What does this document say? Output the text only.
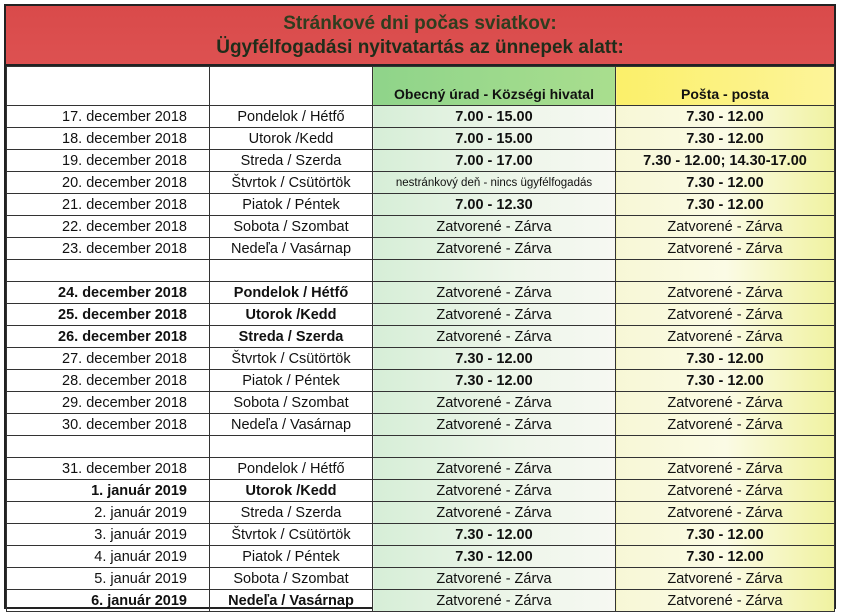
Stránkové dni počas sviatkov:
Ügyfélfogadási nyitvatartás az ünnepek alatt:
		Obecný úrad - Községi hivatal	Pošta - posta
17. december 2018	Pondelok / Hétfő	7.00 - 15.00	7.30 - 12.00
18. december 2018	Utorok /Kedd	7.00 - 15.00	7.30 - 12.00
19. december 2018	Streda / Szerda	7.00 - 17.00	7.30 - 12.00; 14.30-17.00
20. december 2018	Štvrtok / Csütörtök	nestránkový deň - nincs ügyfélfogadás	7.30 - 12.00
21. december 2018	Piatok / Péntek	7.00 - 12.30	7.30 - 12.00
22. december 2018	Sobota / Szombat	Zatvorené - Zárva	Zatvorené - Zárva
23. december 2018	Nedeľa / Vasárnap	Zatvorené - Zárva	Zatvorené - Zárva

24. december 2018	Pondelok / Hétfő	Zatvorené - Zárva	Zatvorené - Zárva
25. december 2018	Utorok /Kedd	Zatvorené - Zárva	Zatvorené - Zárva
26. december 2018	Streda / Szerda	Zatvorené - Zárva	Zatvorené - Zárva
27. december 2018	Štvrtok / Csütörtök	7.30 - 12.00	7.30 - 12.00
28. december 2018	Piatok / Péntek	7.30 - 12.00	7.30 - 12.00
29. december 2018	Sobota / Szombat	Zatvorené - Zárva	Zatvorené - Zárva
30. december 2018	Nedeľa / Vasárnap	Zatvorené - Zárva	Zatvorené - Zárva

31. december 2018	Pondelok / Hétfő	Zatvorené - Zárva	Zatvorené - Zárva
1. január 2019	Utorok /Kedd	Zatvorené - Zárva	Zatvorené - Zárva
2. január 2019	Streda / Szerda	Zatvorené - Zárva	Zatvorené - Zárva
3. január 2019	Štvrtok / Csütörtök	7.30 - 12.00	7.30 - 12.00
4. január 2019	Piatok / Péntek	7.30 - 12.00	7.30 - 12.00
5. január 2019	Sobota / Szombat	Zatvorené - Zárva	Zatvorené - Zárva
6. január 2019	Nedeľa / Vasárnap	Zatvorené - Zárva	Zatvorené - Zárva
